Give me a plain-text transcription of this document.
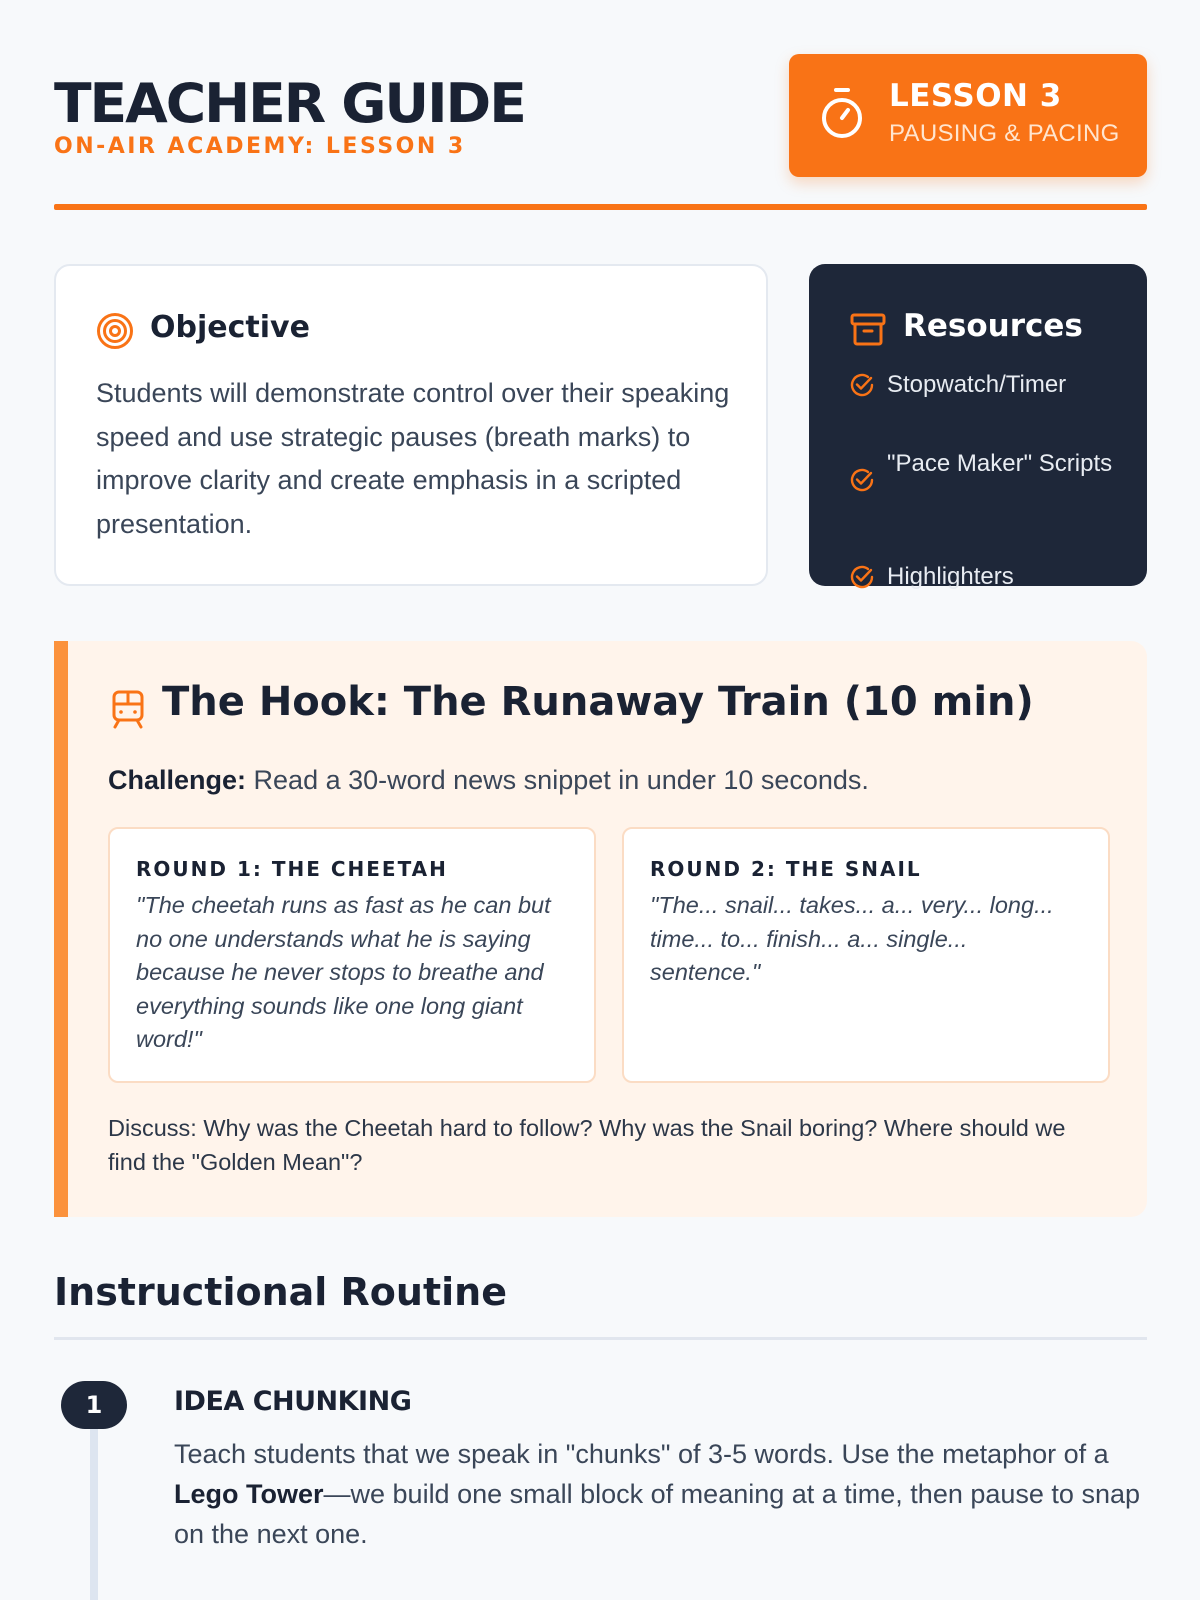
TEACHER GUIDE
ON-AIR ACADEMY: LESSON 3
LESSON 3
PAUSING & PACING
Objective
Students will demonstrate control over their speaking speed and use strategic pauses (breath marks) to improve clarity and create emphasis in a scripted presentation.
Resources
Stopwatch/Timer
"Pace Maker" Scripts
Highlighters
The Hook: The Runaway Train (10 min)
Challenge: Read a 30-word news snippet in under 10 seconds.
ROUND 1: THE CHEETAH
"The cheetah runs as fast as he can but no one understands what he is saying because he never stops to breathe and everything sounds like one long giant word!"
ROUND 2: THE SNAIL
"The... snail... takes... a... very... long... time... to... finish... a... single... sentence."
Discuss: Why was the Cheetah hard to follow? Why was the Snail boring? Where should we find the "Golden Mean"?
Instructional Routine
1	IDEA CHUNKING
Teach students that we speak in "chunks" of 3-5 words. Use the metaphor of a Lego Tower—we build one small block of meaning at a time, then pause to snap on the next one.
